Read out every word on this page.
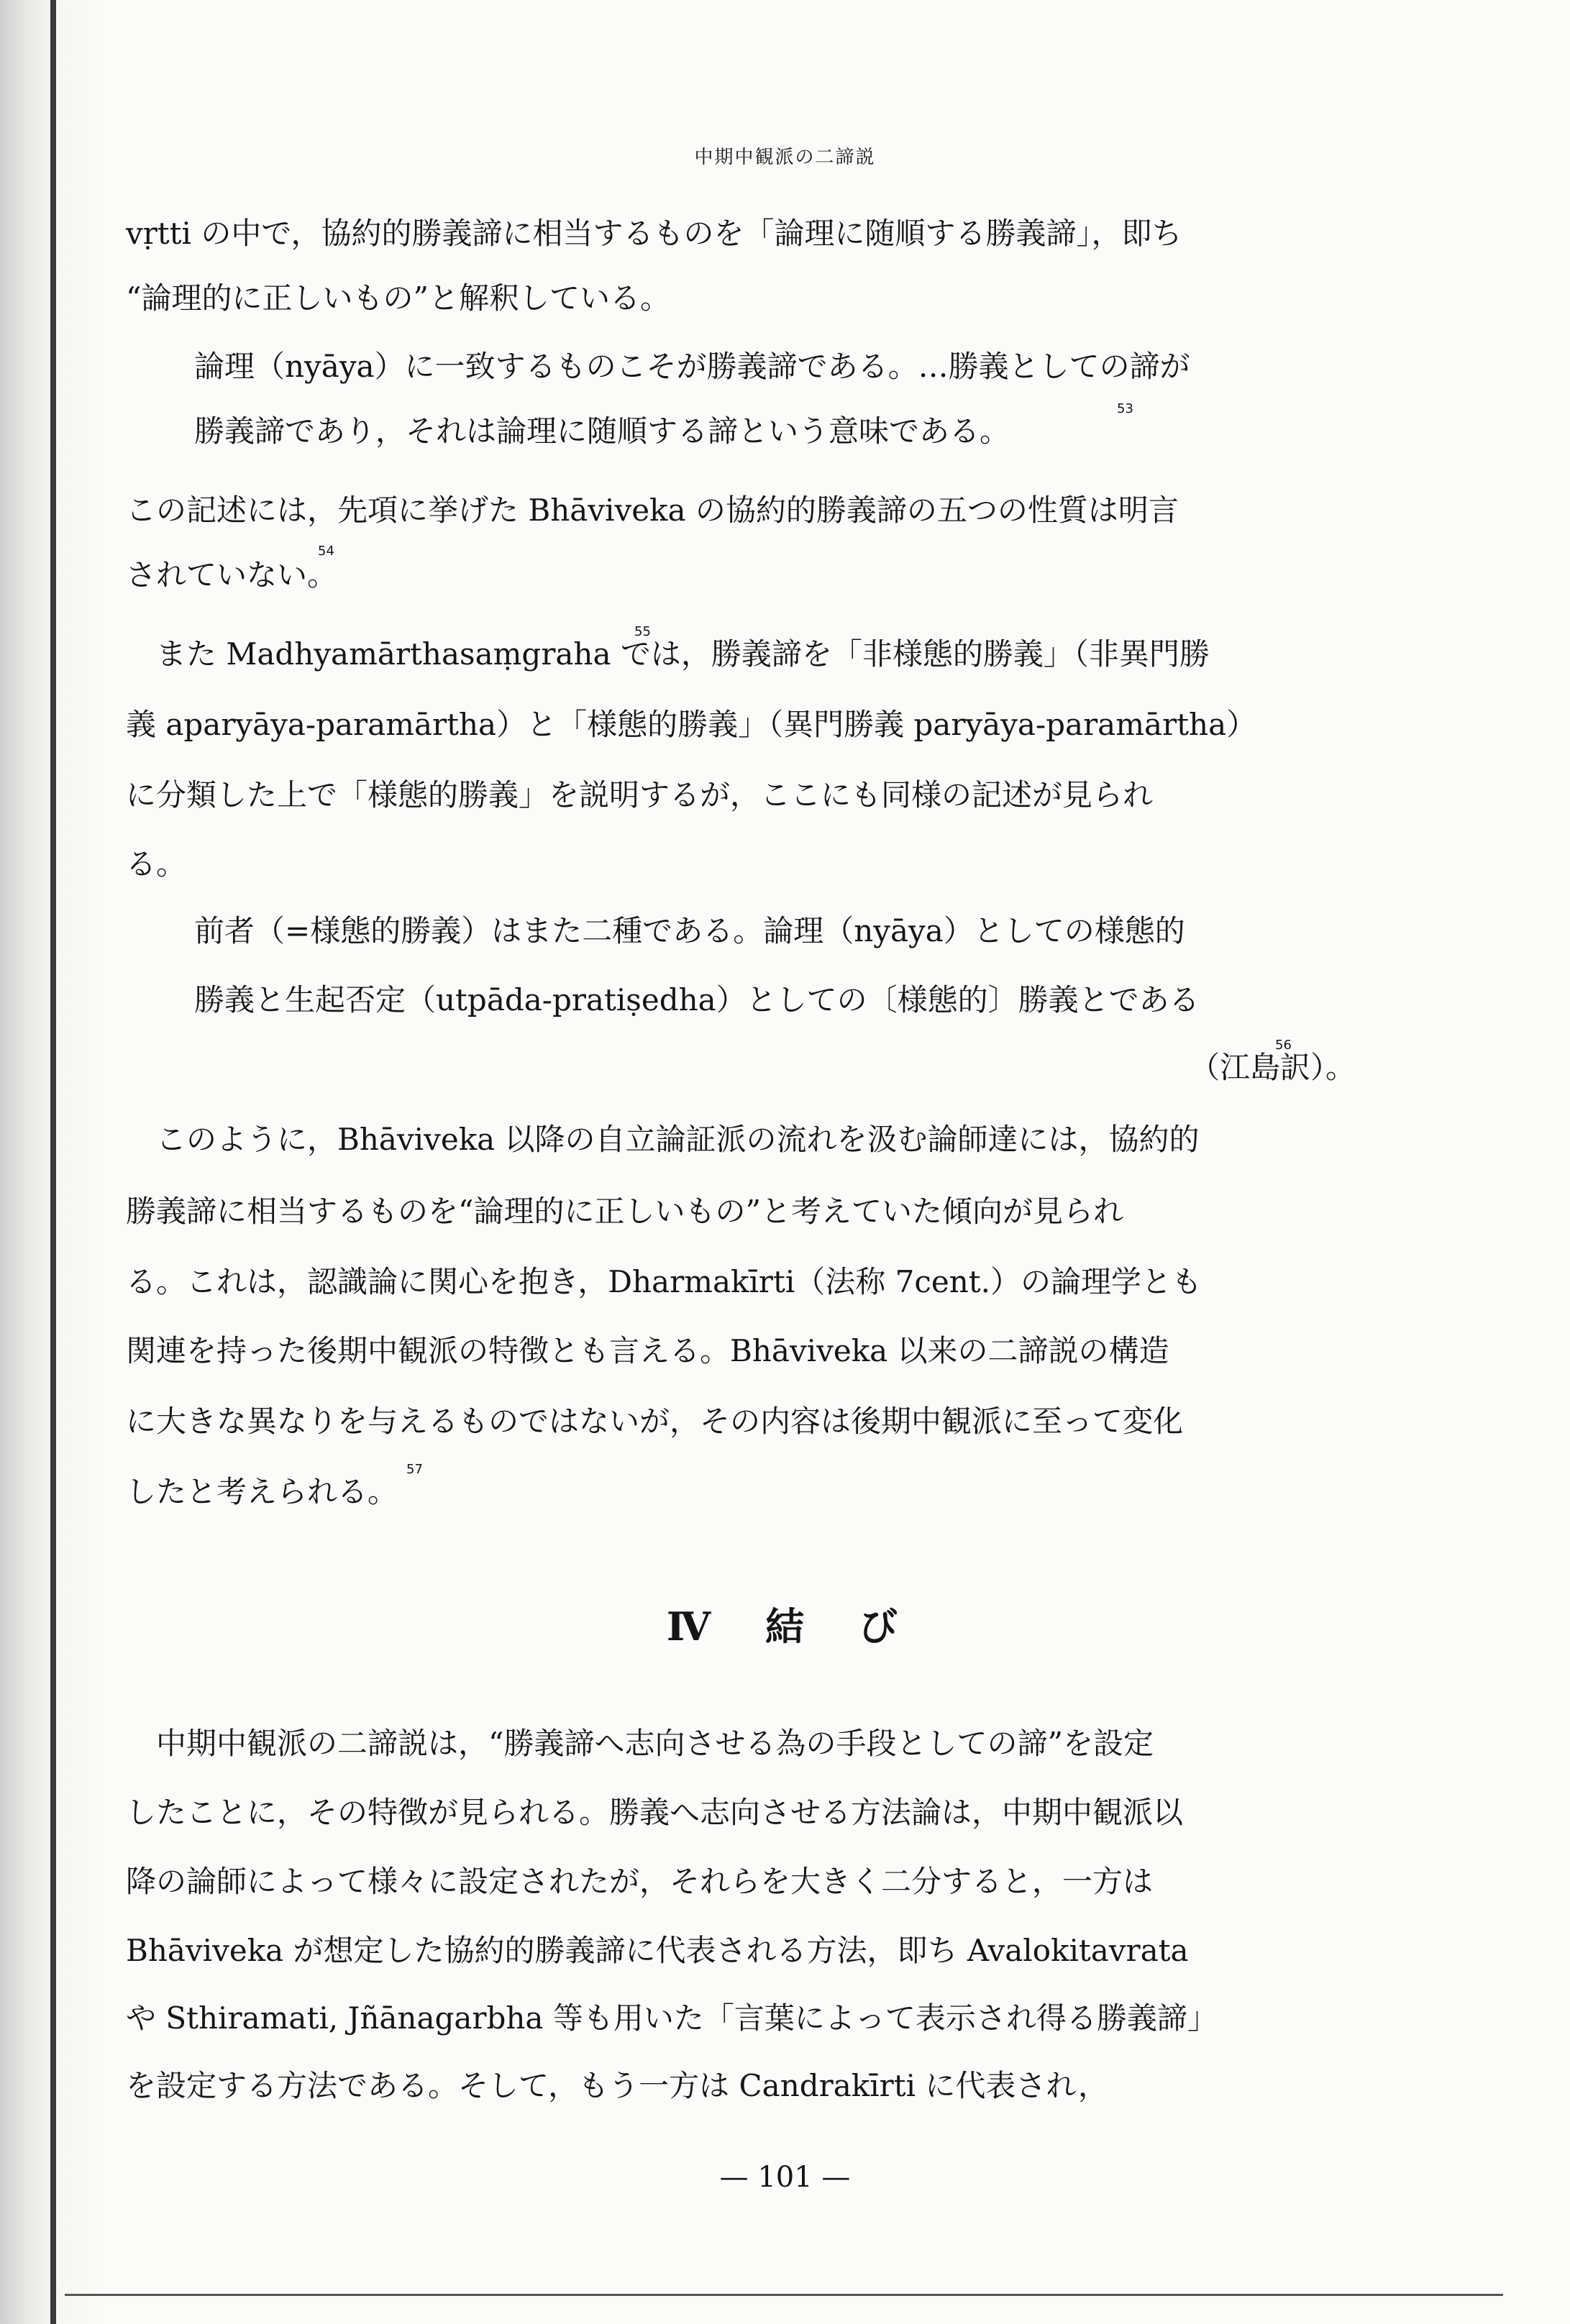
中期中観派の二諦説
vṛtti の中で，協約的勝義諦に相当するものを「論理に随順する勝義諦」，即ち
“論理的に正しいもの”と解釈している。
論理（nyāya）に一致するものこそが勝義諦である。…勝義としての諦が
勝義諦であり，それは論理に随順する諦という意味である。
53
この記述には，先項に挙げた Bhāviveka の協約的勝義諦の五つの性質は明言
されていない。
54
また Madhyamārthasaṃgraha では，勝義諦を「非様態的勝義」（非異門勝
義 aparyāya-paramārtha）と「様態的勝義」（異門勝義 paryāya-paramārtha）
に分類した上で「様態的勝義」を説明するが，ここにも同様の記述が見られ
る。
55
前者（=様態的勝義）はまた二種である。論理（nyāya）としての様態的
勝義と生起否定（utpāda-pratiṣedha）としての〔様態的〕勝義とである
（江島訳）。
56
このように，Bhāviveka 以降の自立論証派の流れを汲む論師達には，協約的
勝義諦に相当するものを“論理的に正しいもの”と考えていた傾向が見られ
る。これは，認識論に関心を抱き，Dharmakīrti（法称 7cent.）の論理学とも
関連を持った後期中観派の特徴とも言える。Bhāviveka 以来の二諦説の構造
に大きな異なりを与えるものではないが，その内容は後期中観派に至って変化
したと考えられる。
57
Ⅳ 結 び
中期中観派の二諦説は，“勝義諦へ志向させる為の手段としての諦”を設定
したことに，その特徴が見られる。勝義へ志向させる方法論は，中期中観派以
降の論師によって様々に設定されたが，それらを大きく二分すると，一方は
Bhāviveka が想定した協約的勝義諦に代表される方法，即ち Avalokitavrata
や Sthiramati, Jñānagarbha 等も用いた「言葉によって表示され得る勝義諦」
を設定する方法である。そして，もう一方は Candrakīrti に代表され，
— 101 —
